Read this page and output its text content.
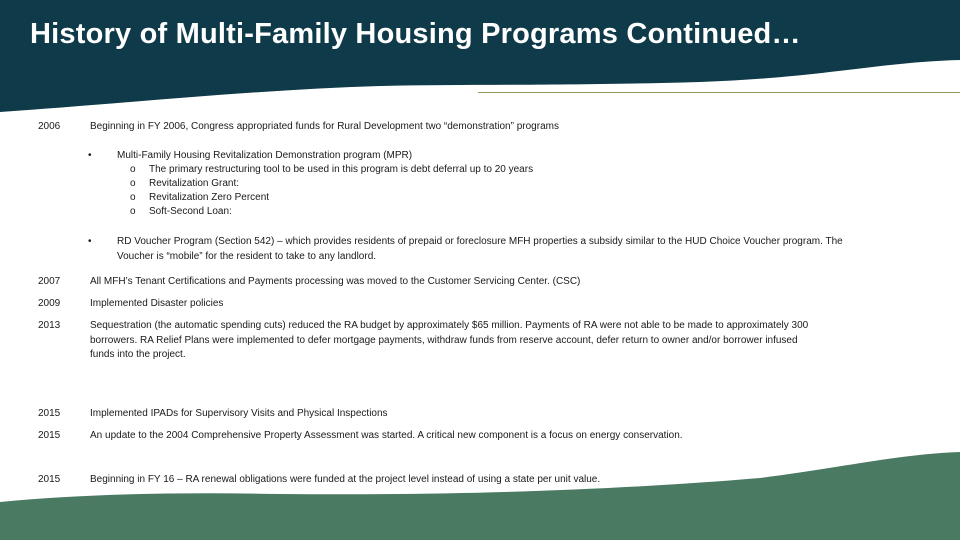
History of Multi-Family Housing Programs Continued…
2006	Beginning in FY 2006, Congress appropriated funds for Rural Development two “demonstration” programs
•	Multi-Family Housing Revitalization Demonstration program (MPR)
o The primary restructuring tool to be used in this program is debt deferral up to 20 years
o Revitalization Grant:
o Revitalization Zero Percent
o Soft-Second Loan:
•	RD Voucher Program (Section 542) – which provides residents of prepaid or foreclosure MFH properties a subsidy similar to the HUD Choice Voucher program. The
Voucher is “mobile” for the resident to take to any landlord.
2007	All MFH’s Tenant Certifications and Payments processing was moved to the Customer Servicing Center. (CSC)
2009	Implemented Disaster policies
2013	Sequestration (the automatic spending cuts) reduced the RA budget by approximately $65 million. Payments of RA were not able to be made to approximately 300
borrowers. RA Relief Plans were implemented to defer mortgage payments, withdraw funds from reserve account, defer return to owner and/or borrower infused
funds into the project.
2015	Implemented IPADs for Supervisory Visits and Physical Inspections
2015	An update to the 2004 Comprehensive Property Assessment was started. A critical new component is a focus on energy conservation.
2015	Beginning in FY 16 – RA renewal obligations were funded at the project level instead of using a state per unit value.
